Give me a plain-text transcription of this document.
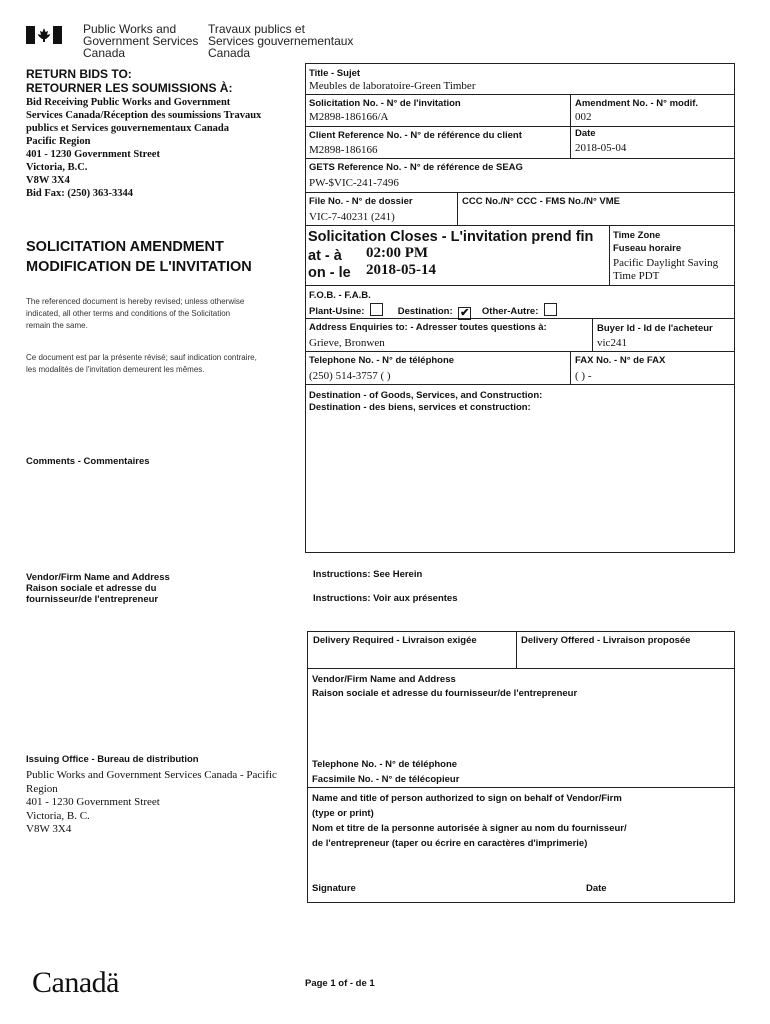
Public Works and
Government Services
Canada
Travaux publics et
Services gouvernementaux
Canada
RETURN BIDS TO:
RETOURNER LES SOUMISSIONS À:
Bid Receiving Public Works and Government
Services Canada/Réception des soumissions Travaux
publics et Services gouvernementaux Canada
Pacific Region
401 - 1230 Government Street
Victoria, B.C.
V8W 3X4
Bid Fax: (250) 363-3344
SOLICITATION AMENDMENT
MODIFICATION DE L'INVITATION
The referenced document is hereby revised; unless otherwise
indicated, all other terms and conditions of the Solicitation
remain the same.
Ce document est par la présente révisé; sauf indication contraire,
les modalités de l'invitation demeurent les mêmes.
Comments - Commentaires
Vendor/Firm Name and Address
Raison sociale et adresse du
fournisseur/de l'entrepreneur
Issuing Office - Bureau de distribution
Public Works and Government Services Canada - Pacific
Region
401 - 1230 Government Street
Victoria, B. C.
V8W 3X4
Title - Sujet
Meubles de laboratoire-Green Timber
Solicitation No. - N° de l'invitation
M2898-186166/A
Amendment No. - N° modif.
002
Client Reference No. - N° de référence du client
M2898-186166
Date
2018-05-04
GETS Reference No. - N° de référence de SEAG
PW-$VIC-241-7496
File No. - N° de dossier
VIC-7-40231 (241)
CCC No./N° CCC - FMS No./N° VME
Solicitation Closes - L'invitation prend fin
at - à 02:00 PM
on - le 2018-05-14
Time Zone
Fuseau horaire
Pacific Daylight Saving
Time PDT
F.O.B. - F.A.B.
Plant-Usine:	Destination: ✔ Other-Autre:
Address Enquiries to: - Adresser toutes questions à:
Grieve, Bronwen
Buyer Id - Id de l'acheteur
vic241
Telephone No. - N° de téléphone
(250) 514-3757 ( )
FAX No. - N° de FAX
( ) -
Destination - of Goods, Services, and Construction:
Destination - des biens, services et construction:
Instructions: See Herein
Instructions: Voir aux présentes
Delivery Required - Livraison exigée	Delivery Offered - Livraison proposée
Vendor/Firm Name and Address
Raison sociale et adresse du fournisseur/de l'entrepreneur
Telephone No. - N° de téléphone
Facsimile No. - N° de télécopieur
Name and title of person authorized to sign on behalf of Vendor/Firm
(type or print)
Nom et titre de la personne autorisée à signer au nom du fournisseur/
de l'entrepreneur (taper ou écrire en caractères d'imprimerie)
Signature	Date
Canadä	Page 1 of - de 1
